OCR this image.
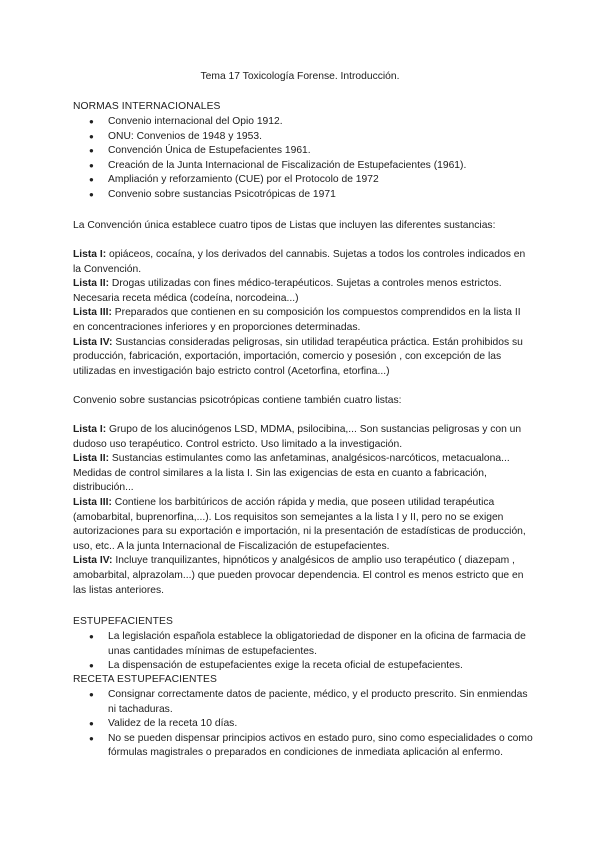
Tema 17 Toxicología Forense. Introducción.
NORMAS INTERNACIONALES
● Convenio internacional del Opio 1912.
● ONU: Convenios de 1948 y 1953.
● Convención Única de Estupefacientes 1961.
● Creación de la Junta Internacional de Fiscalización de Estupefacientes (1961).
● Ampliación y reforzamiento (CUE) por el Protocolo de 1972
● Convenio sobre sustancias Psicotrópicas de 1971
La Convención única establece cuatro tipos de Listas que incluyen las diferentes sustancias:

Lista I: opiáceos, cocaína, y los derivados del cannabis. Sujetas a todos los controles indicados en la Convención.

Lista II: Drogas utilizadas con fines médico-terapéuticos. Sujetas a controles menos estrictos. Necesaria receta médica (codeína, norcodeina...)

Lista III: Preparados que contienen en su composición los compuestos comprendidos en la lista II en concentraciones inferiores y en proporciones determinadas.

Lista IV: Sustancias consideradas peligrosas, sin utilidad terapéutica práctica. Están prohibidos su producción, fabricación, exportación, importación, comercio y posesión , con excepción de las utilizadas en investigación bajo estricto control (Acetorfina, etorfina...)

Convenio sobre sustancias psicotrópicas contiene también cuatro listas:

Lista I: Grupo de los alucinógenos LSD, MDMA, psilocibina,... Son sustancias peligrosas y con un dudoso uso terapéutico. Control estricto. Uso limitado a la investigación.

Lista II: Sustancias estimulantes como las anfetaminas, analgésicos-narcóticos, metacualona... Medidas de control similares a la lista I. Sin las exigencias de esta en cuanto a fabricación, distribución...

Lista III: Contiene los barbitúricos de acción rápida y media, que poseen utilidad terapéutica (amobarbital, buprenorfina,...). Los requisitos son semejantes a la lista I y II, pero no se exigen autorizaciones para su exportación e importación, ni la presentación de estadísticas de producción, uso, etc.. A la junta Internacional de Fiscalización de estupefacientes.

Lista IV: Incluye tranquilizantes, hipnóticos y analgésicos de amplio uso terapéutico ( diazepam , amobarbital, alprazolam...) que pueden provocar dependencia. El control es menos estricto que en las listas anteriores.

ESTUPEFACIENTES
● La legislación española establece la obligatoriedad de disponer en la oficina de farmacia de unas cantidades mínimas de estupefacientes.
● La dispensación de estupefacientes exige la receta oficial de estupefacientes.
RECETA ESTUPEFACIENTES
● Consignar correctamente datos de paciente, médico, y el producto prescrito. Sin enmiendas ni tachaduras.
● Validez de la receta 10 días.
● No se pueden dispensar principios activos en estado puro, sino como especialidades o como fórmulas magistrales o preparados en condiciones de inmediata aplicación al enfermo.
